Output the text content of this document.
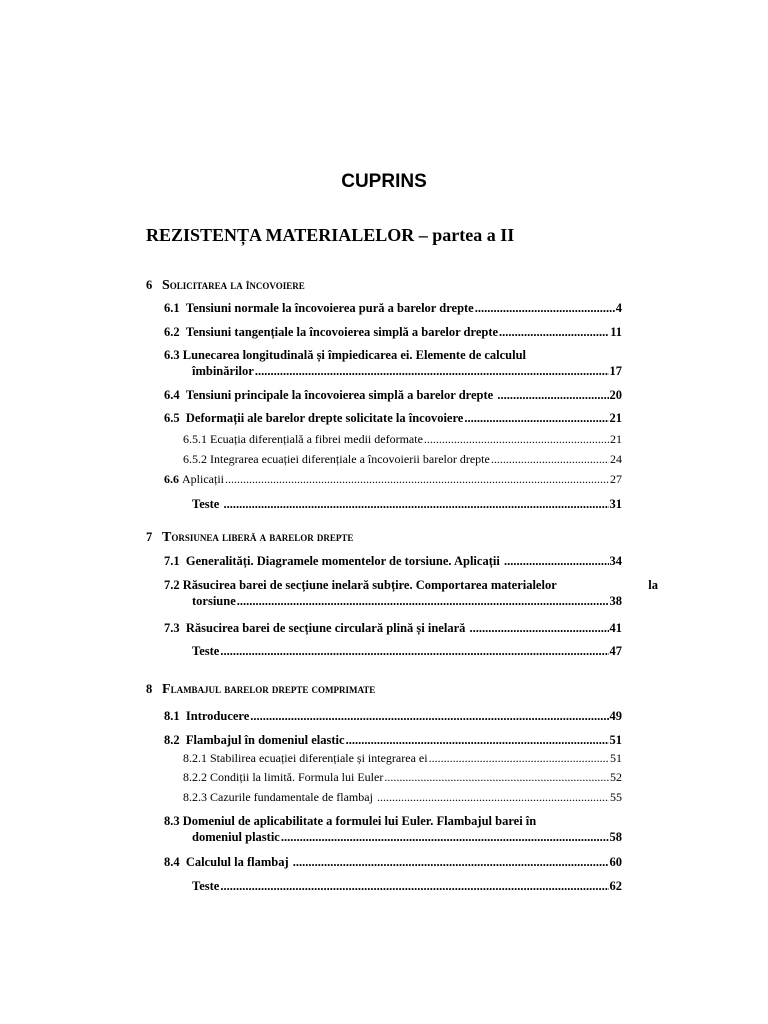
CUPRINS
REZISTENȚA MATERIALELOR – partea a II
6 Solicitarea la încovoiere
6.1
Tensiuni normale la încovoierea pură a barelor drepte .....	4
6.2
Tensiuni tangențiale la încovoierea simplă a barelor drepte .....	11
6.3 Lunecarea longitudinală și împiedicarea ei. Elemente de calculul
îmbinărilor .....	17
6.4
Tensiuni principale la încovoierea simplă a barelor drepte .....	20
6.5
Deformații ale barelor drepte solicitate la încovoiere .....	21
6.5.1
Ecuația diferențială a fibrei medii deformate .....	21
6.5.2
Integrarea ecuației diferențiale a încovoierii barelor drepte .....	24
6.6
Aplicații .....	27
Teste .....	31
7 Torsiunea liberă a barelor drepte
7.1
Generalități. Diagramele momentelor de torsiune. Aplicații .....	34
7.2 Răsucirea barei de secțiune inelară subțire. Comportarea materialelor	la
torsiune .....	38
7.3
Răsucirea barei de secțiune circulară plină și inelară .....	41
Teste .....	47
8 Flambajul barelor drepte comprimate
8.1
Introducere .....	49
8.2
Flambajul în domeniul elastic .....	51
8.2.1
Stabilirea ecuației diferențiale și integrarea ei .....	51
8.2.2
Condiții la limită. Formula lui Euler .....	52
8.2.3
Cazurile fundamentale de flambaj .....	55
8.3 Domeniul de aplicabilitate a formulei lui Euler. Flambajul barei în
domeniul plastic .....	58
8.4
Calculul la flambaj .....	60
Teste .....	62
